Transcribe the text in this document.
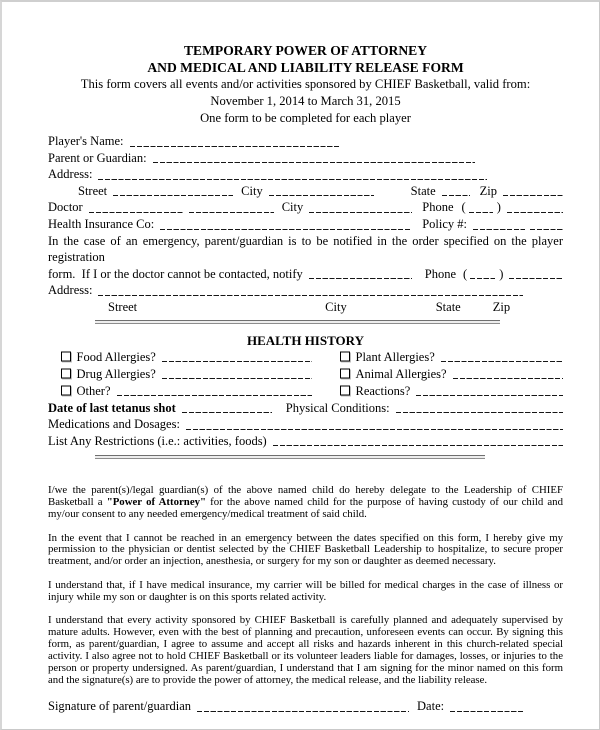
TEMPORARY POWER OF ATTORNEY
AND MEDICAL AND LIABILITY RELEASE FORM
This form covers all events and/or activities sponsored by CHIEF Basketball, valid from:
November 1, 2014 to March 31, 2015
One form to be completed for each player
Player's Name:
Parent or Guardian:
Address:
Street	City	State	Zip
Doctor	City	Phone ( )
Health Insurance Co:	Policy #:
In the case of an emergency, parent/guardian is to be notified in the order specified on the player registration
form.  If I or the doctor cannot be contacted, notify	Phone (	)
Address:
Street	City	State	Zip
HEALTH HISTORY
Food Allergies?	Plant Allergies?
Drug Allergies?	Animal Allergies?
Other?	Reactions?
Date of last tetanus shot	Physical Conditions:
Medications and Dosages:
List Any Restrictions (i.e.: activities, foods)

I/we the parent(s)/legal guardian(s) of the above named child do hereby delegate to the Leadership of CHIEF Basketball a "Power of Attorney" for the above named child for the purpose of having custody of our child and my/our consent to any needed emergency/medical treatment of said child.

In the event that I cannot be reached in an emergency between the dates specified on this form, I hereby give my permission to the physician or dentist selected by the CHIEF Basketball Leadership to hospitalize, to secure proper treatment, and/or order an injection, anesthesia, or surgery for my son or daughter as deemed necessary.

I understand that, if I have medical insurance, my carrier will be billed for medical charges in the case of illness or injury while my son or daughter is on this sports related activity.

I understand that every activity sponsored by CHIEF Basketball is carefully planned and adequately supervised by mature adults. However, even with the best of planning and precaution, unforeseen events can occur. By signing this form, as parent/guardian, I agree to assume and accept all risks and hazards inherent in this church-related special activity. I also agree not to hold CHIEF Basketball or its volunteer leaders liable for damages, losses, or injuries to the person or property undersigned. As parent/guardian, I understand that I am signing for the minor named on this form and the signature(s) are to provide the power of attorney, the medical release, and the liability release.

Signature of parent/guardian	Date:
